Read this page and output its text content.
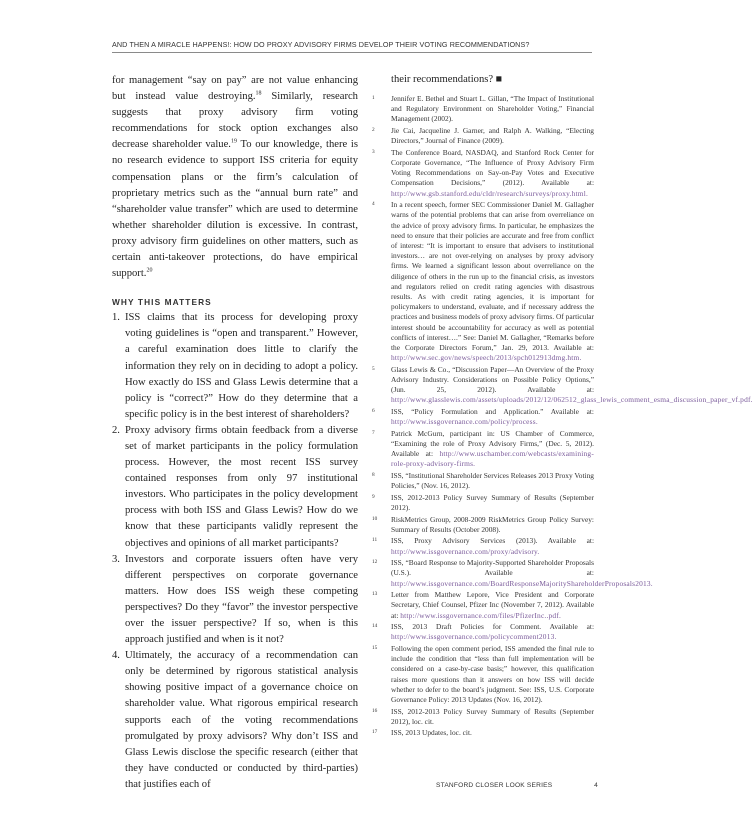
AND THEN A MIRACLE HAPPENS!: HOW DO PROXY ADVISORY FIRMS DEVELOP THEIR VOTING RECOMMENDATIONS?

for management “say on pay” are not value enhancing but instead value destroying.$^{18}$ Similarly, research suggests that proxy advisory firm voting recommendations for stock option exchanges also decrease shareholder value.$^{19}$ To our knowledge, there is no research evidence to support ISS criteria for equity compensation plans or the firm’s calculation of proprietary metrics such as the “annual burn rate” and “shareholder value transfer” which are used to determine whether shareholder dilution is excessive. In contrast, proxy advisory firm guidelines on other matters, such as certain anti-takeover protections, do have empirical support.$^{20}$

WHY THIS MATTERS
1. ISS claims that its process for developing proxy voting guidelines is “open and transparent.” However, a careful examination does little to clarify the information they rely on in deciding to adopt a policy. How exactly do ISS and Glass Lewis determine that a policy is “correct?” How do they determine that a specific policy is in the best interest of shareholders?
2. Proxy advisory firms obtain feedback from a diverse set of market participants in the policy formulation process. However, the most recent ISS survey contained responses from only 97 institutional investors. Who participates in the policy development process with both ISS and Glass Lewis? How do we know that these participants validly represent the objectives and opinions of all market participants?
3. Investors and corporate issuers often have very different perspectives on corporate governance matters. How does ISS weigh these competing perspectives? Do they “favor” the investor perspective over the issuer perspective? If so, when is this approach justified and when is it not?
4. Ultimately, the accuracy of a recommendation can only be determined by rigorous statistical analysis showing positive impact of a governance choice on shareholder value. What rigorous empirical research supports each of the voting recommendations promulgated by proxy advisors? Why don’t ISS and Glass Lewis disclose the specific research (either that they have conducted or conducted by third-parties) that justifies each of

their recommendations? ■

1 Jennifer E. Bethel and Stuart L. Gillan, “The Impact of Institutional and Regulatory Environment on Shareholder Voting,” Financial Management (2002).
2 Jie Cai, Jacqueline J. Garner, and Ralph A. Walking, “Electing Directors,” Journal of Finance (2009).
3 The Conference Board, NASDAQ, and Stanford Rock Center for Corporate Governance, “The Influence of Proxy Advisory Firm Voting Recommendations on Say-on-Pay Votes and Executive Compensation Decisions,” (2012). Available at: http://www.gsb.stanford.edu/cldr/research/surveys/proxy.html.
4 In a recent speech, former SEC Commissioner Daniel M. Gallagher warns of the potential problems that can arise from overreliance on the advice of proxy advisory firms. In particular, he emphasizes the need to ensure that their policies are accurate and free from conflict of interest: “It is important to ensure that advisers to institutional investors… are not over-relying on analyses by proxy advisory firms. We learned a significant lesson about overreliance on the diligence of others in the run up to the financial crisis, as investors and regulators relied on credit rating agencies with disastrous results. As with credit rating agencies, it is important for policymakers to understand, evaluate, and if necessary address the practices and business models of proxy advisory firms. Of particular interest should be accountability for accuracy as well as potential conflicts of interest….” See: Daniel M. Gallagher, “Remarks before the Corporate Directors Forum,” Jan. 29, 2013. Available at: http://www.sec.gov/news/speech/2013/spch012913dmg.htm.
5 Glass Lewis & Co., “Discussion Paper—An Overview of the Proxy Advisory Industry. Considerations on Possible Policy Options,” (Jun. 25, 2012). Available at: http://www.glasslewis.com/assets/uploads/2012/12/062512_glass_lewis_comment_esma_discussion_paper_vf.pdf.
6 ISS, “Policy Formulation and Application.” Available at: http://www.issgovernance.com/policy/process.
7 Patrick McGurn, participant in: US Chamber of Commerce, “Examining the role of Proxy Advisory Firms,” (Dec. 5, 2012). Available at: http://www.uschamber.com/webcasts/examining-role-proxy-advisory-firms.
8 ISS, “Institutional Shareholder Services Releases 2013 Proxy Voting Policies,” (Nov. 16, 2012).
9 ISS, 2012-2013 Policy Survey Summary of Results (September 2012).
10 RiskMetrics Group, 2008-2009 RiskMetrics Group Policy Survey: Summary of Results (October 2008).
11 ISS, Proxy Advisory Services (2013). Available at: http://www.issgovernance.com/proxy/advisory.
12 ISS, “Board Response to Majority-Supported Shareholder Proposals (U.S.). Available at: http://www.issgovernance.com/BoardResponseMajorityShareholderProposals2013.
13 Letter from Matthew Lepore, Vice President and Corporate Secretary, Chief Counsel, Pfizer Inc (November 7, 2012). Available at: http://www.issgovernance.com/files/PfizerInc..pdf.
14 ISS, 2013 Draft Policies for Comment. Available at: http://www.issgovernance.com/policycomment2013.
15 Following the open comment period, ISS amended the final rule to include the condition that “less than full implementation will be considered on a case-by-case basis;” however, this qualification raises more questions than it answers on how ISS will decide whether to defer to the board’s judgment. See: ISS, U.S. Corporate Governance Policy: 2013 Updates (Nov. 16, 2012).
16 ISS, 2012-2013 Policy Survey Summary of Results (September 2012), loc. cit.
17 ISS, 2013 Updates, loc. cit.
STANFORD CLOSER LOOK SERIES	4
